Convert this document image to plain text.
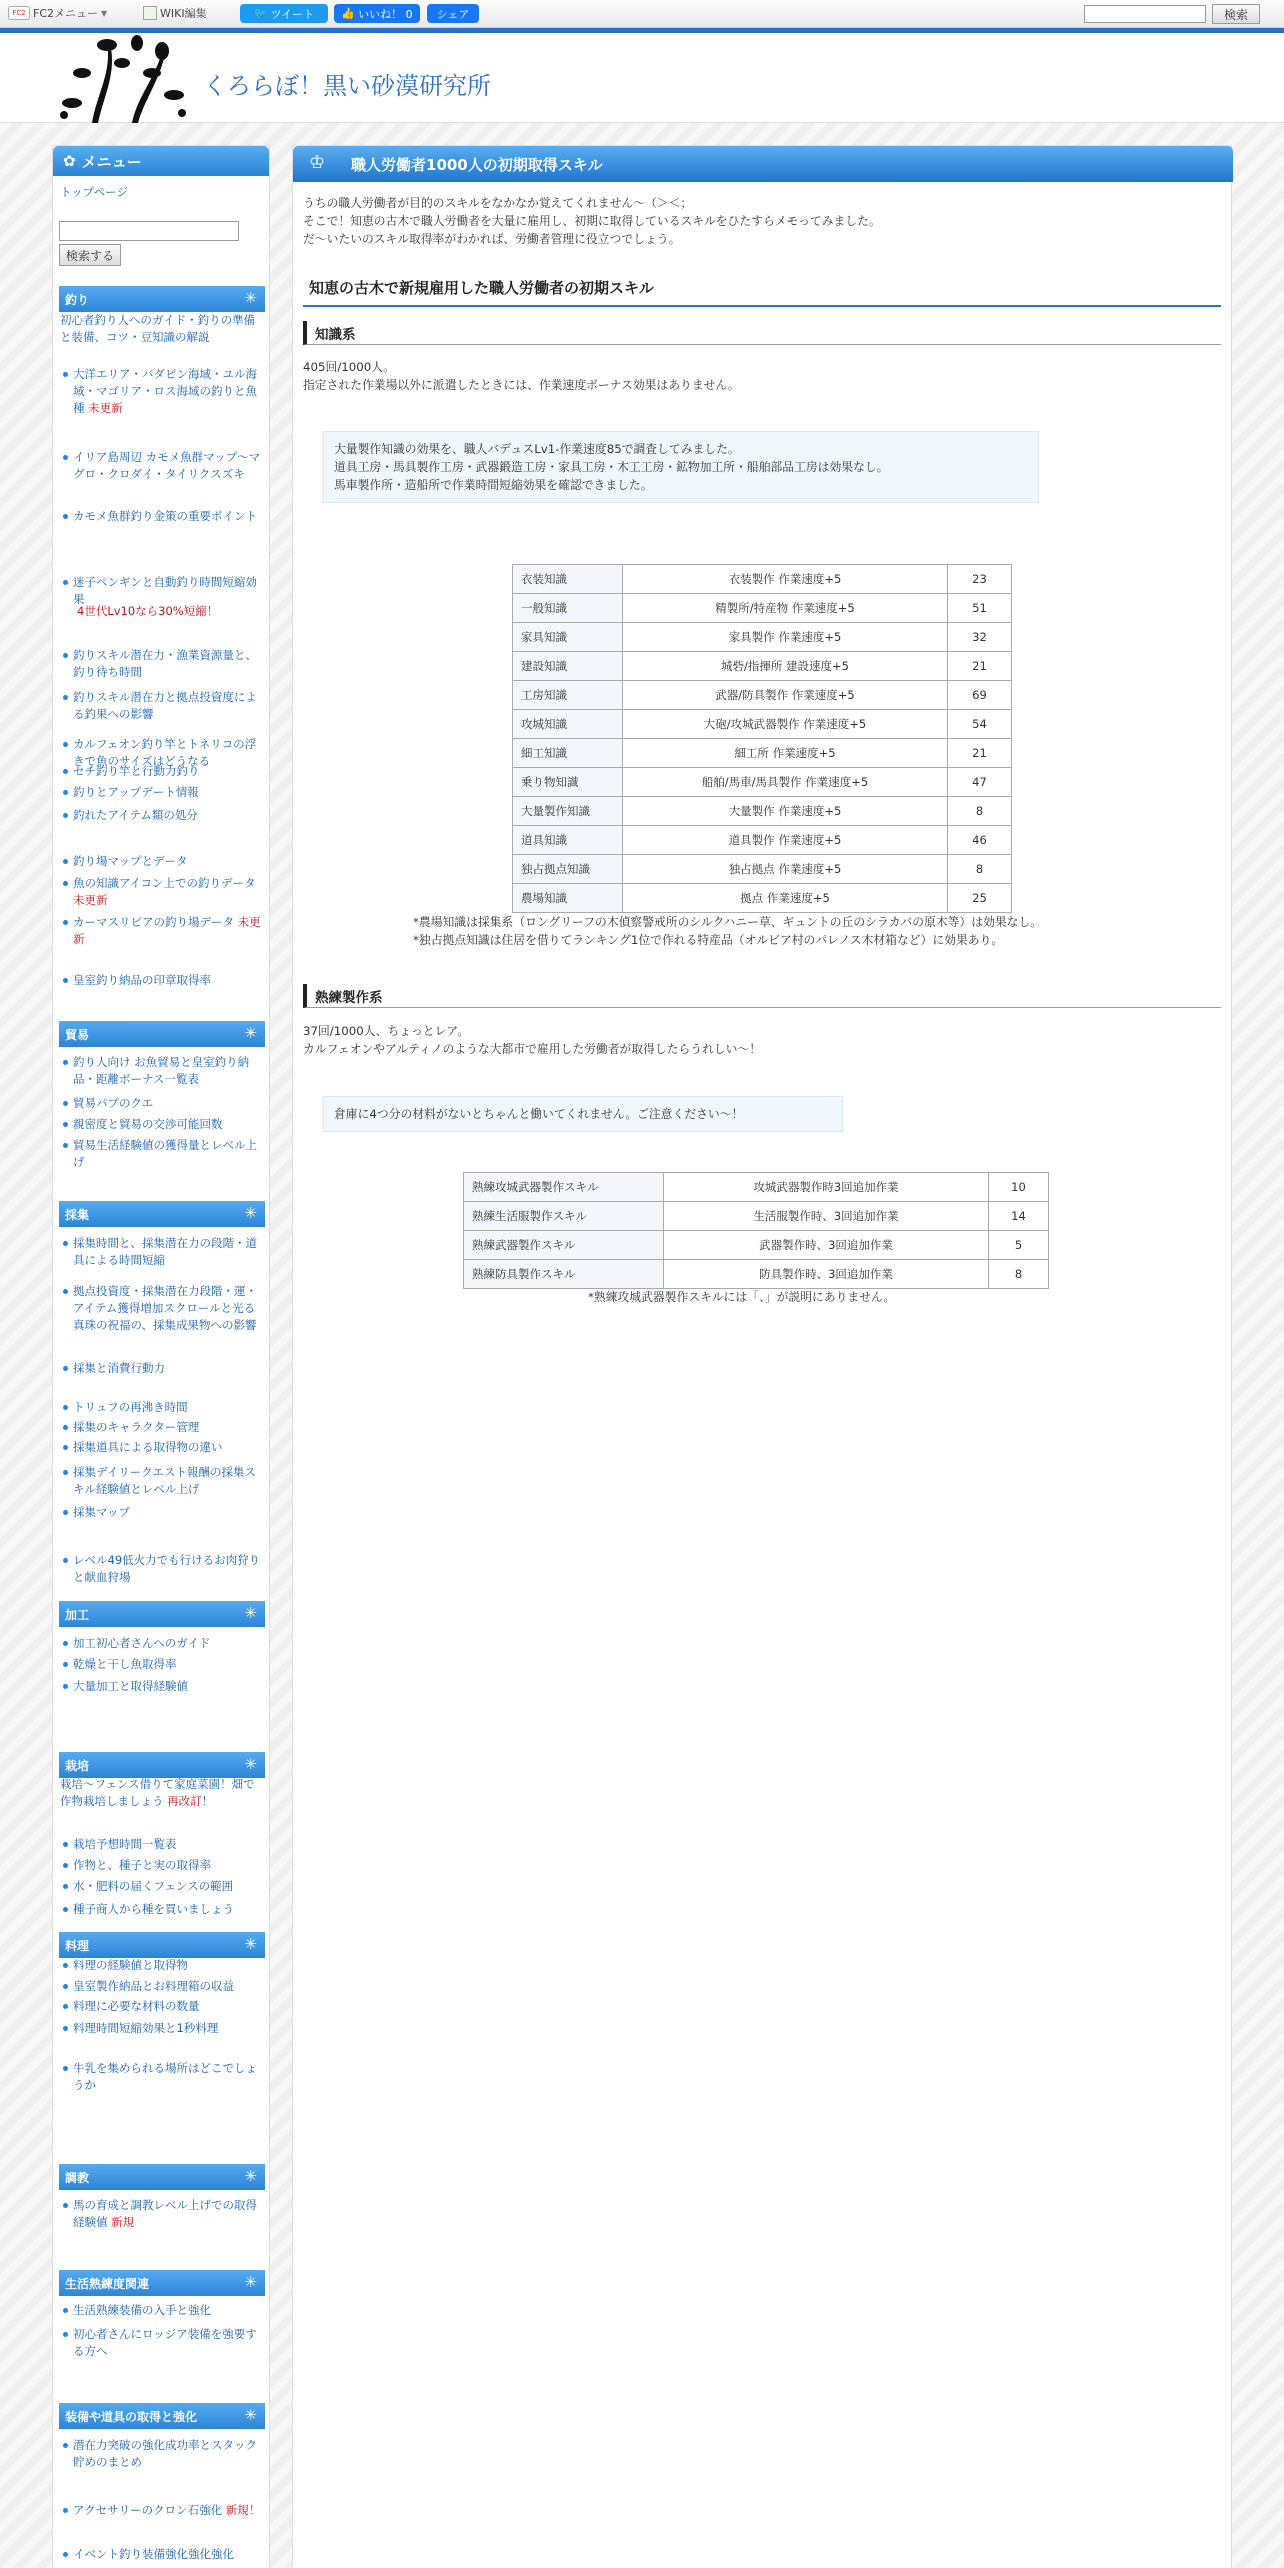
FC2 FC2メニュー ▼	WIKI編集	🐦 ツイート 👍 いいね！ 0 シェア	検索
くろらぼ！黒い砂漠研究所
✿ メニュー
トップページ
検索する
釣り	✳
初心者釣り人へのガイド・釣りの準備と装備、コツ・豆知識の解説
大洋エリア・バダビン海域・ユル海域・マゴリア・ロス海域の釣りと魚種 未更新
イリア島周辺 カモメ魚群マップ～マグロ・クロダイ・タイリクスズキ
カモメ魚群釣り金策の重要ポイント
迷子ペンギンと自動釣り時間短縮効果
4世代Lv10なら30%短縮！
釣りスキル潜在力・漁業資源量と、釣り待ち時間
釣りスキル潜在力と拠点投資度による釣果への影響
カルフェオン釣り竿とトネリコの浮きで魚のサイズはどうなる
セチ釣り竿と行動力釣り
釣りとアップデート情報
釣れたアイテム類の処分
釣り場マップとデータ
魚の知識アイコン上での釣りデータ 未更新
カーマスリビアの釣り場データ 未更新
皇室釣り納品の印章取得率
貿易	✳
釣り人向け お魚貿易と皇室釣り納品・距離ボーナス一覧表
貿易パプのクエ
親密度と貿易の交渉可能回数
貿易生活経験値の獲得量とレベル上げ
採集	✳
採集時間と、採集潜在力の段階・道具による時間短縮
拠点投資度・採集潜在力段階・運・アイテム獲得増加スクロールと光る真珠の祝福の、採集成果物への影響
採集と消費行動力
トリュフの再沸き時間
採集のキャラクター管理
採集道具による取得物の違い
採集デイリークエスト報酬の採集スキル経験値とレベル上げ
採集マップ
レベル49低火力でも行けるお肉狩りと献血狩場
加工	✳
加工初心者さんへのガイド
乾燥と干し魚取得率
大量加工と取得経験値
栽培	✳
栽培～フェンス借りて家庭菜園！畑で作物栽培しましょう 再改訂！
栽培予想時間一覧表
作物と、種子と実の取得率
水・肥料の届くフェンスの範囲
種子商人から種を買いましょう
料理	✳
料理の経験値と取得物
皇室製作納品とお料理箱の収益
料理に必要な材料の数量
料理時間短縮効果と1秒料理
牛乳を集められる場所はどこでしょうか
調教	✳
馬の育成と調教レベル上げでの取得経験値 新規
生活熟練度関連	✳
生活熟練装備の入手と強化
初心者さんにロッジア装備を強要する方へ
装備や道具の取得と強化	✳
潜在力突破の強化成功率とスタック貯めのまとめ
アクセサリーのクロン石強化 新規！
イベント釣り装備強化強化強化
♔ 職人労働者1000人の初期取得スキル
うちの職人労働者が目的のスキルをなかなか覚えてくれません～（＞＜；
そこで！知恵の古木で職人労働者を大量に雇用し、初期に取得しているスキルをひたすらメモってみました。
だ～いたいのスキル取得率がわかれば、労働者管理に役立つでしょう。
知恵の古木で新規雇用した職人労働者の初期スキル
知識系
405回/1000人。
指定された作業場以外に派遣したときには、作業速度ボーナス効果はありません。
大量製作知識の効果を、職人バデュスLv1-作業速度85で調査してみました。
道具工房・馬具製作工房・武器鍛造工房・家具工房・木工工房・鉱物加工所・船舶部品工房は効果なし。
馬車製作所・造船所で作業時間短縮効果を確認できました。
衣装知識	衣装製作 作業速度+5	23
一般知識	精製所/特産物 作業速度+5	51
家具知識	家具製作 作業速度+5	32
建設知識	城砦/指揮所 建設速度+5	21
工房知識	武器/防具製作 作業速度+5	69
攻城知識	大砲/攻城武器製作 作業速度+5	54
細工知識	細工所 作業速度+5	21
乗り物知識	船舶/馬車/馬具製作 作業速度+5	47
大量製作知識	大量製作 作業速度+5	8
道具知識	道具製作 作業速度+5	46
独占拠点知識	独占拠点 作業速度+5	8
農場知識	拠点 作業速度+5	25
*農場知識は採集系（ロングリーフの木偵察警戒所のシルクハニー草、ギュントの丘のシラカバの原木等）は効果なし。
*独占拠点知識は住居を借りてランキング1位で作れる特産品（オルビア村のパレノス木材箱など）に効果あり。
熟練製作系
37回/1000人、ちょっとレア。
カルフェオンやアルティノのような大都市で雇用した労働者が取得したらうれしい～！
倉庫に4つ分の材料がないとちゃんと働いてくれません。ご注意ください～！
熟練攻城武器製作スキル	攻城武器製作時3回追加作業	10
熟練生活服製作スキル	生活服製作時、3回追加作業	14
熟練武器製作スキル	武器製作時、3回追加作業	5
熟練防具製作スキル	防具製作時、3回追加作業	8
*熟練攻城武器製作スキルには「、」が説明にありません。
